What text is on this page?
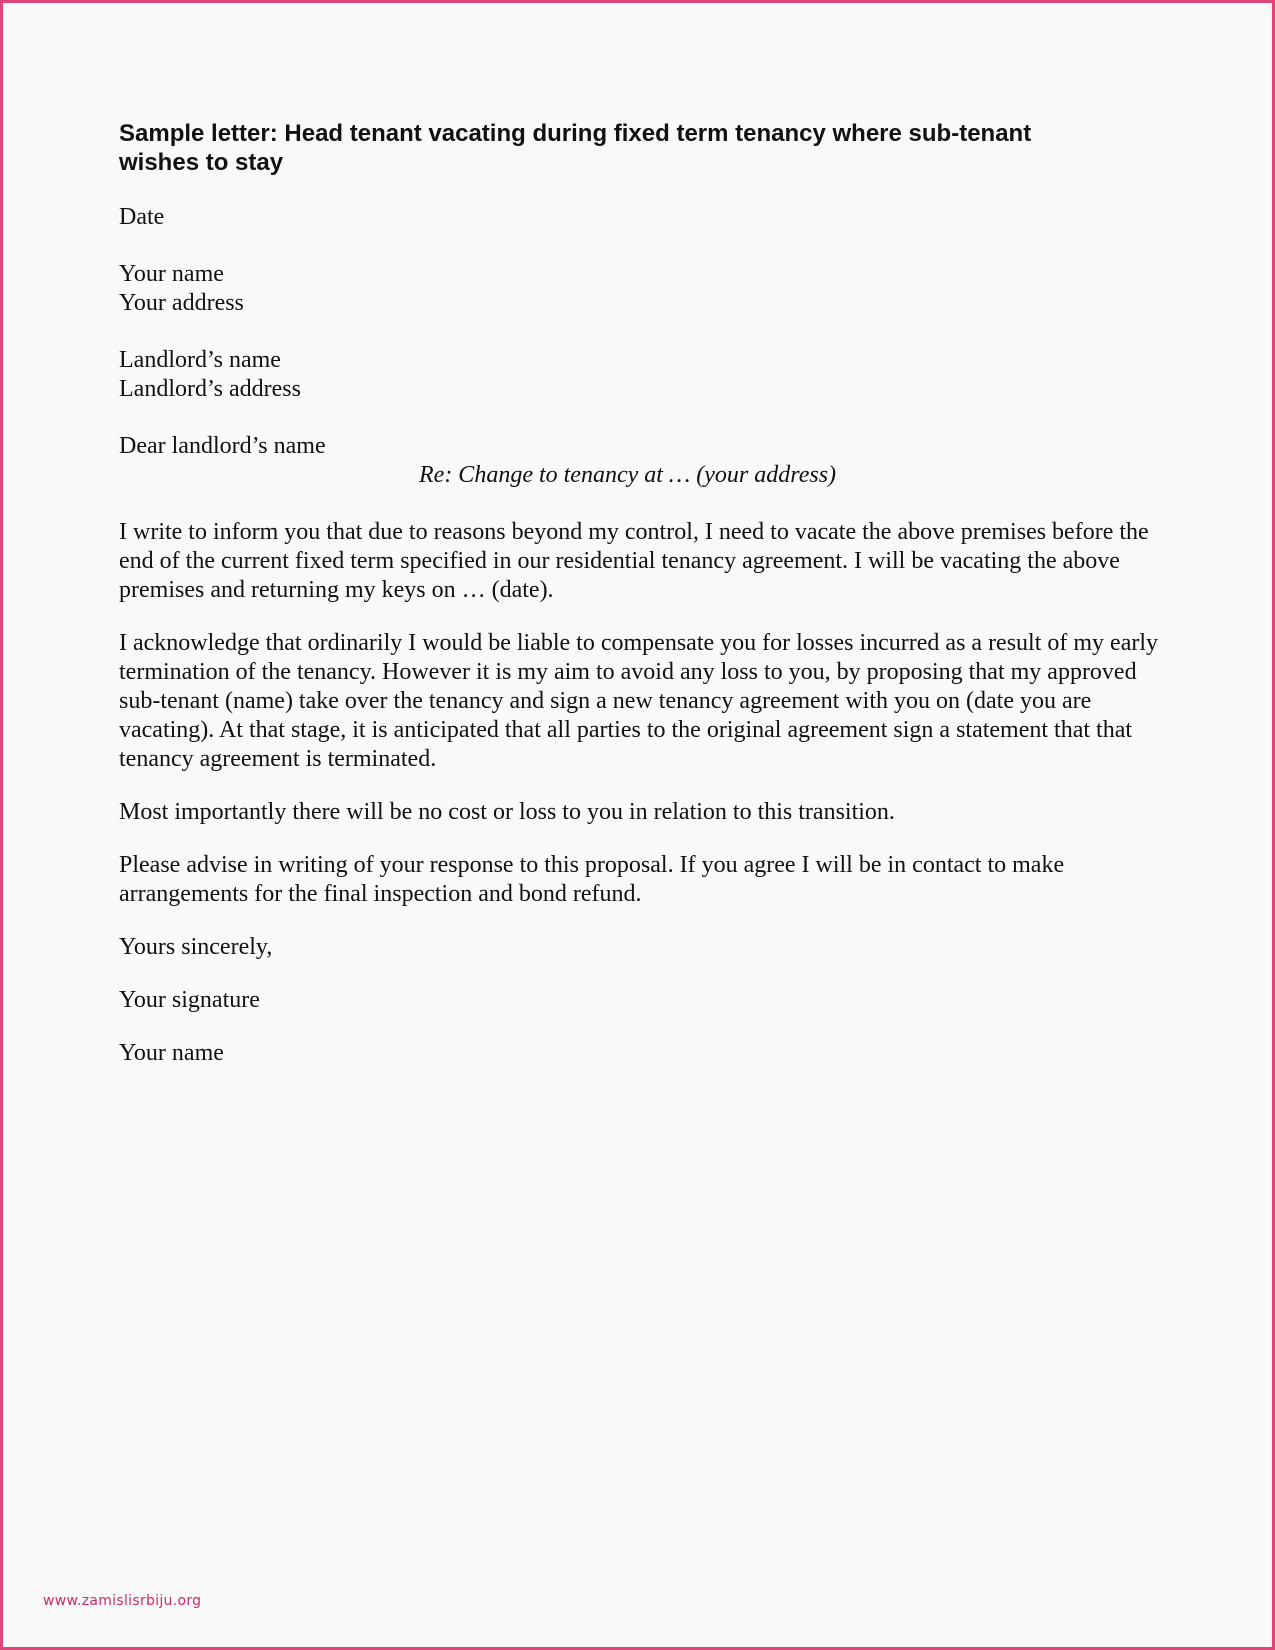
Sample letter: Head tenant vacating during fixed term tenancy where sub-tenant
wishes to stay
Date
Your name
Your address
Landlord’s name
Landlord’s address
Dear landlord’s name
Re: Change to tenancy at … (your address)
I write to inform you that due to reasons beyond my control, I need to vacate the above premises before the end of the current fixed term specified in our residential tenancy agreement. I will be vacating the above premises and returning my keys on … (date).
I acknowledge that ordinarily I would be liable to compensate you for losses incurred as a result of my early termination of the tenancy. However it is my aim to avoid any loss to you, by proposing that my approved sub-tenant (name) take over the tenancy and sign a new tenancy agreement with you on (date you are vacating). At that stage, it is anticipated that all parties to the original agreement sign a statement that that tenancy agreement is terminated.
Most importantly there will be no cost or loss to you in relation to this transition.
Please advise in writing of your response to this proposal. If you agree I will be in contact to make arrangements for the final inspection and bond refund.
Yours sincerely,
Your signature
Your name
www.zamislisrbiju.org
